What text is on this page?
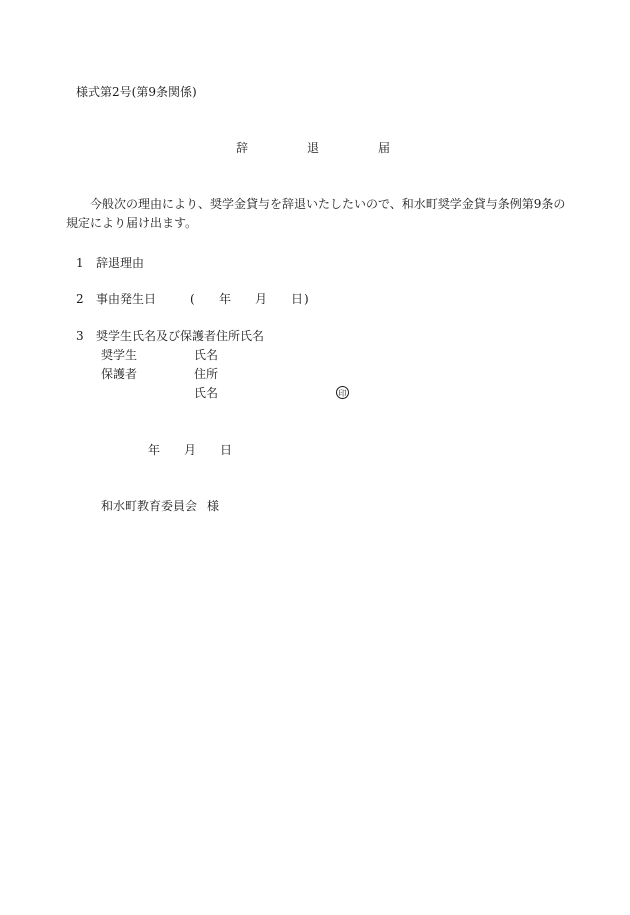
様式第2号(第9条関係)
辞	退	届
今般次の理由により、奨学金貸与を辞退いたしたいので、和水町奨学金貸与条例第9条の
規定により届け出ます。
1 辞退理由
2 事由発生日	( 年 月 日 )
3 奨学生氏名及び保護者住所氏名
奨学生	氏名
保護者	住所
氏名	印
年 月 日
和水町教育委員会 様
